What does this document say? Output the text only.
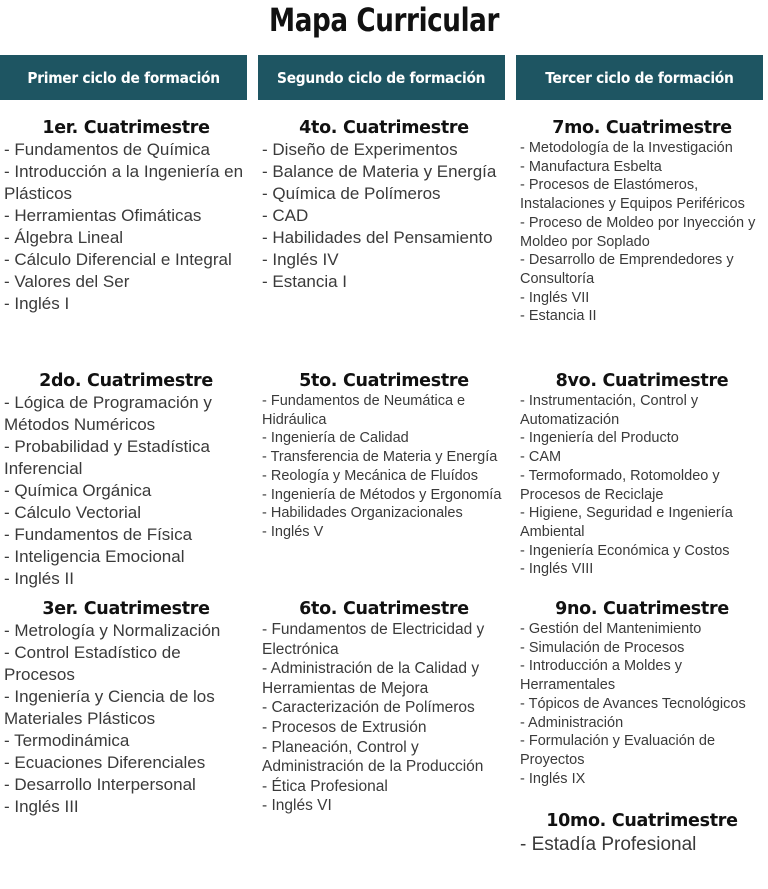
Mapa Curricular
Primer ciclo de formación
1er. Cuatrimestre
- Fundamentos de Química
- Introducción a la Ingeniería en Plásticos
- Herramientas Ofimáticas
- Álgebra Lineal
- Cálculo Diferencial e Integral
- Valores del Ser
- Inglés I
2do. Cuatrimestre
- Lógica de Programación y Métodos Numéricos
- Probabilidad y Estadística Inferencial
- Química Orgánica
- Cálculo Vectorial
- Fundamentos de Física
- Inteligencia Emocional
- Inglés II
3er. Cuatrimestre
- Metrología y Normalización
- Control Estadístico de Procesos
- Ingeniería y Ciencia de los Materiales Plásticos
- Termodinámica
- Ecuaciones Diferenciales
- Desarrollo Interpersonal
- Inglés III
Segundo ciclo de formación
4to. Cuatrimestre
- Diseño de Experimentos
- Balance de Materia y Energía
- Química de Polímeros
- CAD
- Habilidades del Pensamiento
- Inglés IV
- Estancia I
5to. Cuatrimestre
- Fundamentos de Neumática e Hidráulica
- Ingeniería de Calidad
- Transferencia de Materia y Energía
- Reología y Mecánica de Fluídos
- Ingeniería de Métodos y Ergonomía
- Habilidades Organizacionales
- Inglés V
6to. Cuatrimestre
- Fundamentos de Electricidad y Electrónica
- Administración de la Calidad y Herramientas de Mejora
- Caracterización de Polímeros
- Procesos de Extrusión
- Planeación, Control y Administración de la Producción
- Ética Profesional
- Inglés VI
Tercer ciclo de formación
7mo. Cuatrimestre
- Metodología de la Investigación
- Manufactura Esbelta
- Procesos de Elastómeros, Instalaciones y Equipos Periféricos
- Proceso de Moldeo por Inyección y Moldeo por Soplado
- Desarrollo de Emprendedores y Consultoría
- Inglés VII
- Estancia II
8vo. Cuatrimestre
- Instrumentación, Control y Automatización
- Ingeniería del Producto
- CAM
- Termoformado, Rotomoldeo y Procesos de Reciclaje
- Higiene, Seguridad e Ingeniería Ambiental
- Ingeniería Económica y Costos
- Inglés VIII
9no. Cuatrimestre
- Gestión del Mantenimiento
- Simulación de Procesos
- Introducción a Moldes y Herramentales
- Tópicos de Avances Tecnológicos
- Administración
- Formulación y Evaluación de Proyectos
- Inglés IX
10mo. Cuatrimestre
- Estadía Profesional
